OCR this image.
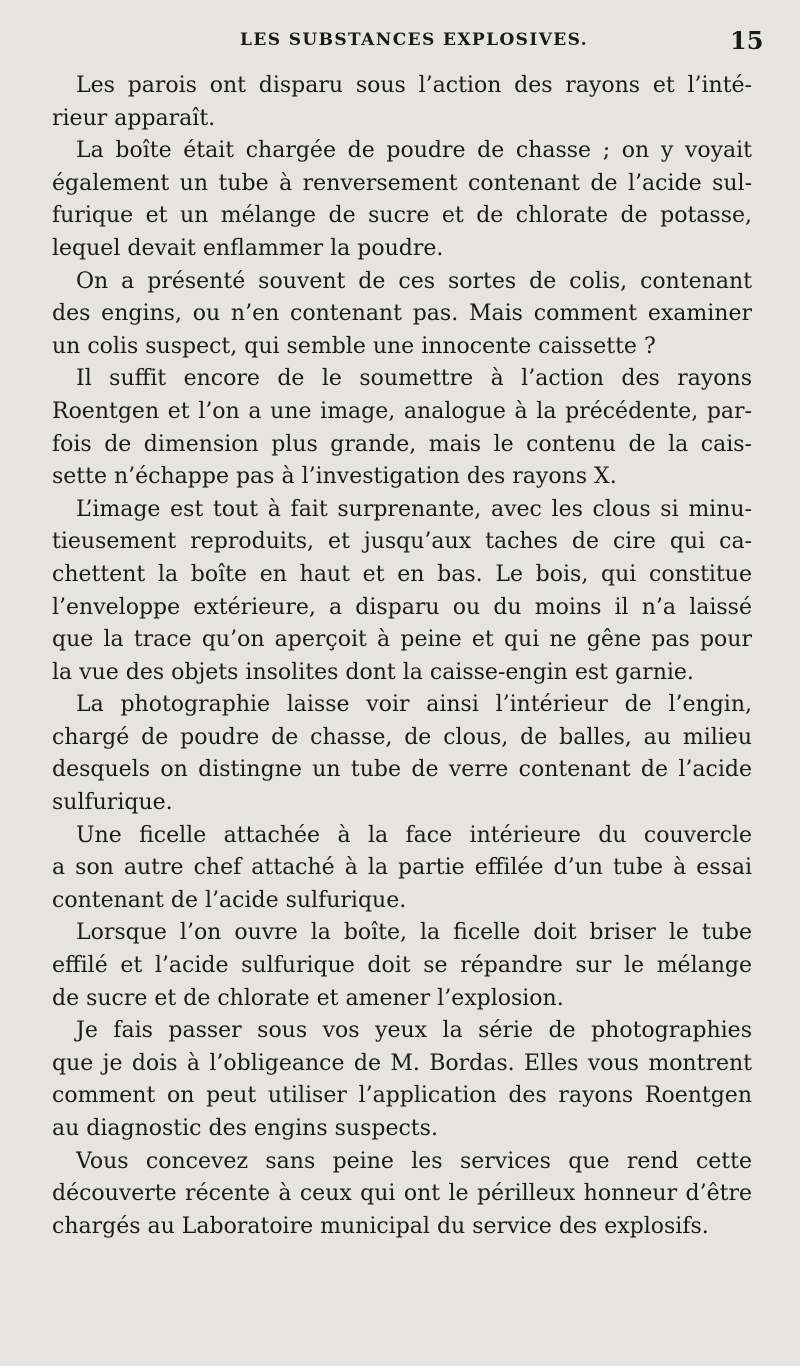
LES SUBSTANCES EXPLOSIVES.	15
Les parois ont disparu sous l’action des rayons et l’inté-
rieur apparaît.
La boîte était chargée de poudre de chasse ; on y voyait
également un tube à renversement contenant de l’acide sul-
furique et un mélange de sucre et de chlorate de potasse,
lequel devait enflammer la poudre.
On a présenté souvent de ces sortes de colis, contenant
des engins, ou n’en contenant pas. Mais comment examiner
un colis suspect, qui semble une innocente caissette ?
Il suffit encore de le soumettre à l’action des rayons
Roentgen et l’on a une image, analogue à la précédente, par-
fois de dimension plus grande, mais le contenu de la cais-
sette n’échappe pas à l’investigation des rayons X.
L’image est tout à fait surprenante, avec les clous si minu-
tieusement reproduits, et jusqu’aux taches de cire qui ca-
chettent la boîte en haut et en bas. Le bois, qui constitue
l’enveloppe extérieure, a disparu ou du moins il n’a laissé
que la trace qu’on aperçoit à peine et qui ne gêne pas pour
la vue des objets insolites dont la caisse-engin est garnie.
La photographie laisse voir ainsi l’intérieur de l’engin,
chargé de poudre de chasse, de clous, de balles, au milieu
desquels on distingne un tube de verre contenant de l’acide
sulfurique.
Une ficelle attachée à la face intérieure du couvercle
a son autre chef attaché à la partie effilée d’un tube à essai
contenant de l’acide sulfurique.
Lorsque l’on ouvre la boîte, la ficelle doit briser le tube
effilé et l’acide sulfurique doit se répandre sur le mélange
de sucre et de chlorate et amener l’explosion.
Je fais passer sous vos yeux la série de photographies
que je dois à l’obligeance de M. Bordas. Elles vous montrent
comment on peut utiliser l’application des rayons Roentgen
au diagnostic des engins suspects.
Vous concevez sans peine les services que rend cette
découverte récente à ceux qui ont le périlleux honneur d’être
chargés au Laboratoire municipal du service des explosifs.
